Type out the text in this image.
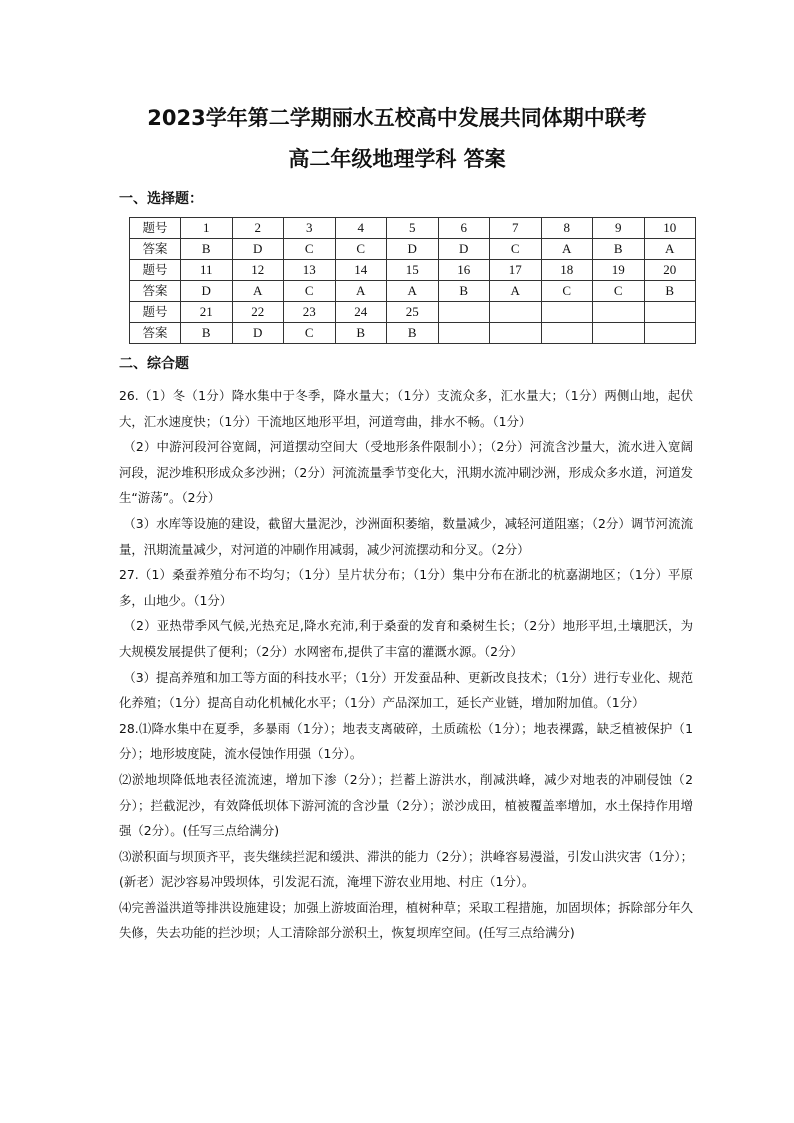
2023学年第二学期丽水五校高中发展共同体期中联考
高二年级地理学科 答案
一、选择题：
题号	1	2	3	4	5	6	7	8	9	10
答案	B	D	C	C	D	D	C	A	B	A
题号	11	12	13	14	15	16	17	18	19	20
答案	D	A	C	A	A	B	A	C	C	B
题号	21	22	23	24	25					
答案	B	D	C	B	B					
二、综合题
26.（1）冬（1分）降水集中于冬季，降水量大；（1分）支流众多，汇水量大；（1分）两侧山地，起伏大，汇水速度快；（1分）干流地区地形平坦，河道弯曲，排水不畅。（1分）
（2）中游河段河谷宽阔，河道摆动空间大（受地形条件限制小）；（2分）河流含沙量大，流水进入宽阔河段，泥沙堆积形成众多沙洲；（2分）河流流量季节变化大，汛期水流冲刷沙洲，形成众多水道，河道发生“游荡”。（2分）
（3）水库等设施的建设，截留大量泥沙，沙洲面积萎缩，数量减少，减轻河道阻塞；（2分）调节河流流量，汛期流量减少，对河道的冲刷作用减弱，减少河流摆动和分叉。（2分）
27.（1）桑蚕养殖分布不均匀；（1分）呈片状分布；（1分）集中分布在浙北的杭嘉湖地区；（1分）平原多，山地少。（1分）
（2）亚热带季风气候,光热充足,降水充沛,利于桑蚕的发育和桑树生长；（2分）地形平坦,土壤肥沃，为大规模发展提供了便利；（2分）水网密布,提供了丰富的灌溉水源。（2分）
（3）提高养殖和加工等方面的科技水平；（1分）开发蚕品种、更新改良技术；（1分）进行专业化、规范化养殖；（1分）提高自动化机械化水平；（1分）产品深加工，延长产业链，增加附加值。（1分）
28.⑴降水集中在夏季，多暴雨（1分）；地表支离破碎，土质疏松（1分）；地表裸露，缺乏植被保护（1分）；地形坡度陡，流水侵蚀作用强（1分）。
⑵淤地坝降低地表径流流速，增加下渗（2分）；拦蓄上游洪水，削减洪峰，减少对地表的冲刷侵蚀（2分）；拦截泥沙，有效降低坝体下游河流的含沙量（2分）；淤沙成田，植被覆盖率增加，水土保持作用增强（2分）。(任写三点给满分)
⑶淤积面与坝顶齐平，丧失继续拦泥和缓洪、滞洪的能力（2分）；洪峰容易漫溢，引发山洪灾害（1分）；(新老）泥沙容易冲毁坝体，引发泥石流，淹埋下游农业用地、村庄（1分）。
⑷完善溢洪道等排洪设施建设；加强上游坡面治理，植树种草；采取工程措施，加固坝体；拆除部分年久失修，失去功能的拦沙坝；人工清除部分淤积土，恢复坝库空间。(任写三点给满分)
